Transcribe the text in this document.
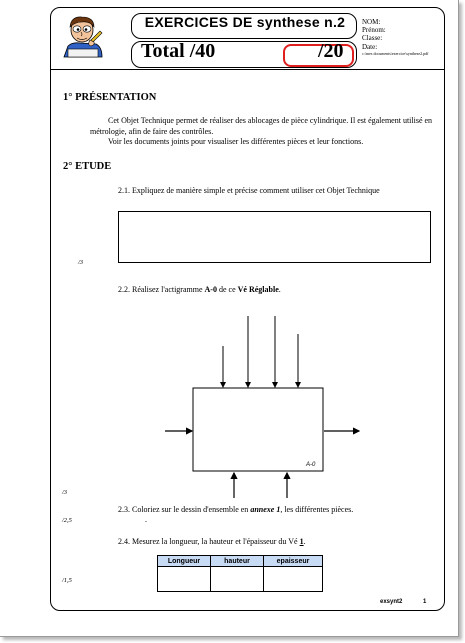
EXERCICES DE synthese n.2
Total /40	/20
NOM:
Prénom:
Classe:
Date:
c:\mes documents\exercice\synthese2.pdf
1° PRÉSENTATION

Cet Objet Technique permet de réaliser des ablocages de pièce cylindrique. Il est également utilisé en métrologie, afin de faire des contrôles.

Voir les documents joints pour visualiser les différentes pièces et leur fonctions.

2° ETUDE
2.1. Expliquez de manière simple et précise comment utiliser cet Objet Technique
/3
2.2. Réalisez l'actigramme A-0 de ce Vé Réglable.
A-0
/3
2.3. Coloriez sur le dessin d'ensemble en annexe 1, les différentes pièces.
/2,5	.
2.4. Mesurez la longueur, la hauteur et l'épaisseur du Vé 1.
Longueur	hauteur	epaisseur

/1,5
exsynt2	1
